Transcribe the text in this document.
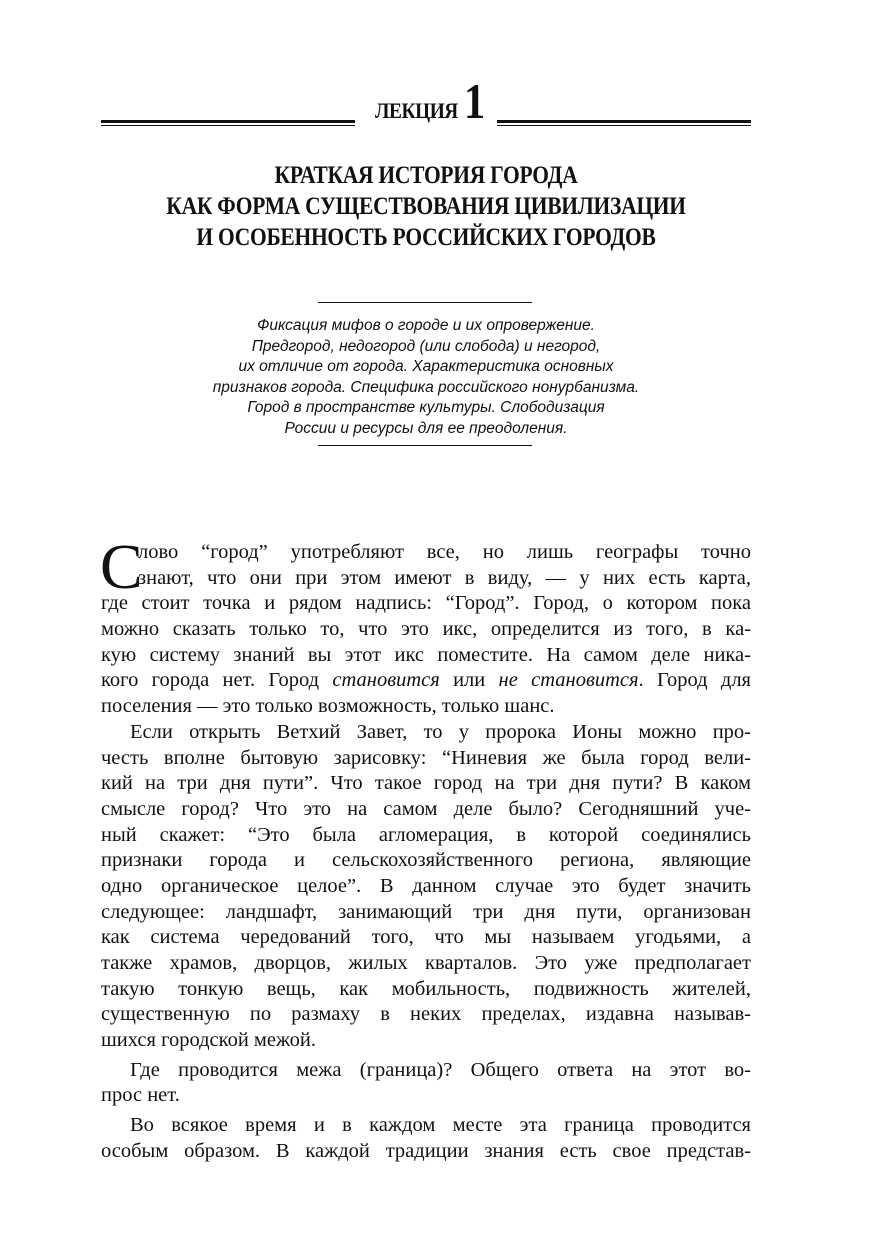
ЛЕКЦИЯ 1
КРАТКАЯ ИСТОРИЯ ГОРОДА
КАК ФОРМА СУЩЕСТВОВАНИЯ ЦИВИЛИЗАЦИИ
И ОСОБЕННОСТЬ РОССИЙСКИХ ГОРОДОВ
Фиксация мифов о городе и их опровержение.
Предгород, недогород (или слобода) и негород,
их отличие от города. Характеристика основных
признаков города. Специфика российского нонурбанизма.
Город в пространстве культуры. Слободизация
России и ресурсы для ее преодоления.
С
лово “город” употребляют все, но лишь географы точно
знают, что они при этом имеют в виду, — у них есть карта,
где стоит точка и рядом надпись: “Город”. Город, о котором пока
можно сказать только то, что это икс, определится из того, в ка-
кую систему знаний вы этот икс поместите. На самом деле ника-
кого города нет. Город становится или не становится. Город для
поселения — это только возможность, только шанс.
Если открыть Ветхий Завет, то у пророка Ионы можно про-
честь вполне бытовую зарисовку: “Ниневия же была город вели-
кий на три дня пути”. Что такое город на три дня пути? В каком
смысле город? Что это на самом деле было? Сегодняшний уче-
ный скажет: “Это была агломерация, в которой соединялись
признаки города и сельскохозяйственного региона, являющие
одно органическое целое”. В данном случае это будет значить
следующее: ландшафт, занимающий три дня пути, организован
как система чередований того, что мы называем угодьями, а
также храмов, дворцов, жилых кварталов. Это уже предполагает
такую тонкую вещь, как мобильность, подвижность жителей,
существенную по размаху в неких пределах, издавна называв-
шихся городской межой.
Где проводится межа (граница)? Общего ответа на этот во-
прос нет.
Во всякое время и в каждом месте эта граница проводится
особым образом. В каждой традиции знания есть свое представ-
